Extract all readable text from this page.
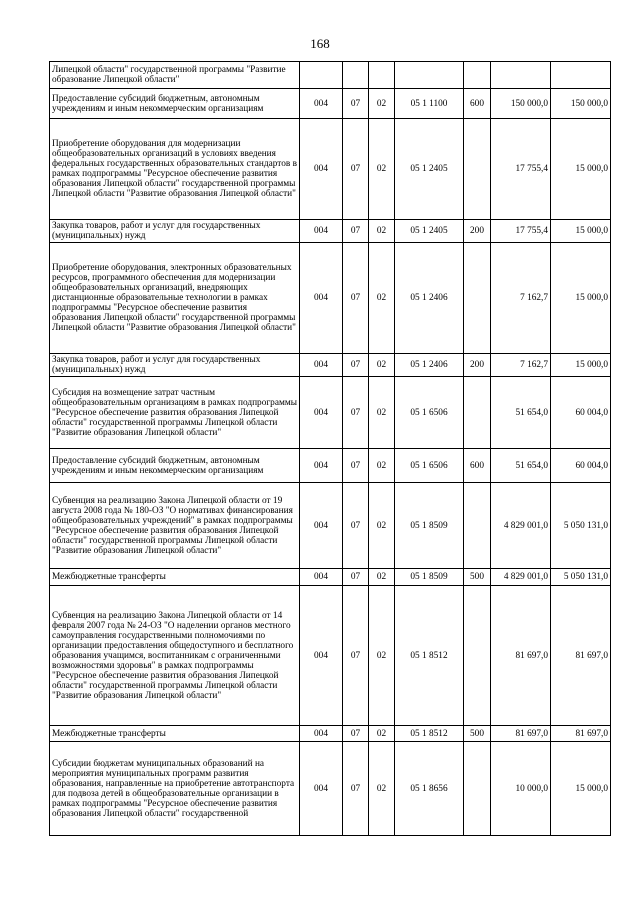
168
Липецкой области" государственной программы "Развитие образование Липецкой области"							
Предоставление субсидий бюджетным, автономным учреждениям и иным некоммерческим организациям	004	07	02	05 1 1100	600	150 000,0	150 000,0
Приобретение оборудования для модернизации общеобразовательных организаций в условиях введения федеральных государственных образовательных стандартов в рамках подпрограммы "Ресурсное обеспечение развития образования Липецкой области" государственной программы Липецкой области "Развитие образования Липецкой области"	004	07	02	05 1 2405		17 755,4	15 000,0
Закупка товаров, работ и услуг для государственных (муниципальных) нужд	004	07	02	05 1 2405	200	17 755,4	15 000,0
Приобретение оборудования, электронных образовательных ресурсов, программного обеспечения для модернизации общеобразовательных организаций, внедряющих дистанционные образовательные технологии в рамках подпрограммы "Ресурсное обеспечение развития образования Липецкой области" государственной программы Липецкой области "Развитие образования Липецкой области"	004	07	02	05 1 2406		7 162,7	15 000,0
Закупка товаров, работ и услуг для государственных (муниципальных) нужд	004	07	02	05 1 2406	200	7 162,7	15 000,0
Субсидия на возмещение затрат частным общеобразовательным организациям в рамках подпрограммы "Ресурсное обеспечение развития образования Липецкой области" государственной программы Липецкой области "Развитие образования Липецкой области"	004	07	02	05 1 6506		51 654,0	60 004,0
Предоставление субсидий бюджетным, автономным учреждениям и иным некоммерческим организациям	004	07	02	05 1 6506	600	51 654,0	60 004,0
Субвенция на реализацию Закона Липецкой области от 19 августа 2008 года № 180-ОЗ "О нормативах финансирования общеобразовательных учреждений" в рамках подпрограммы "Ресурсное обеспечение развития образования Липецкой области" государственной программы Липецкой области "Развитие образования Липецкой области"	004	07	02	05 1 8509		4 829 001,0	5 050 131,0
Межбюджетные трансферты	004	07	02	05 1 8509	500	4 829 001,0	5 050 131,0
Субвенция на реализацию Закона Липецкой области от 14 февраля 2007 года № 24-ОЗ "О наделении органов местного самоуправления государственными полномочиями по организации предоставления общедоступного и бесплатного образования учащимся, воспитанникам с ограниченными возможностями здоровья" в рамках подпрограммы "Ресурсное обеспечение развития образования Липецкой области" государственной программы Липецкой области "Развитие образования Липецкой области"	004	07	02	05 1 8512		81 697,0	81 697,0
Межбюджетные трансферты	004	07	02	05 1 8512	500	81 697,0	81 697,0
Субсидии бюджетам муниципальных образований на мероприятия муниципальных программ развития образования, направленные на приобретение автотранспорта для подвоза детей в общеобразовательные организации в рамках подпрограммы "Ресурсное обеспечение развития образования Липецкой области" государственной	004	07	02	05 1 8656		10 000,0	15 000,0
